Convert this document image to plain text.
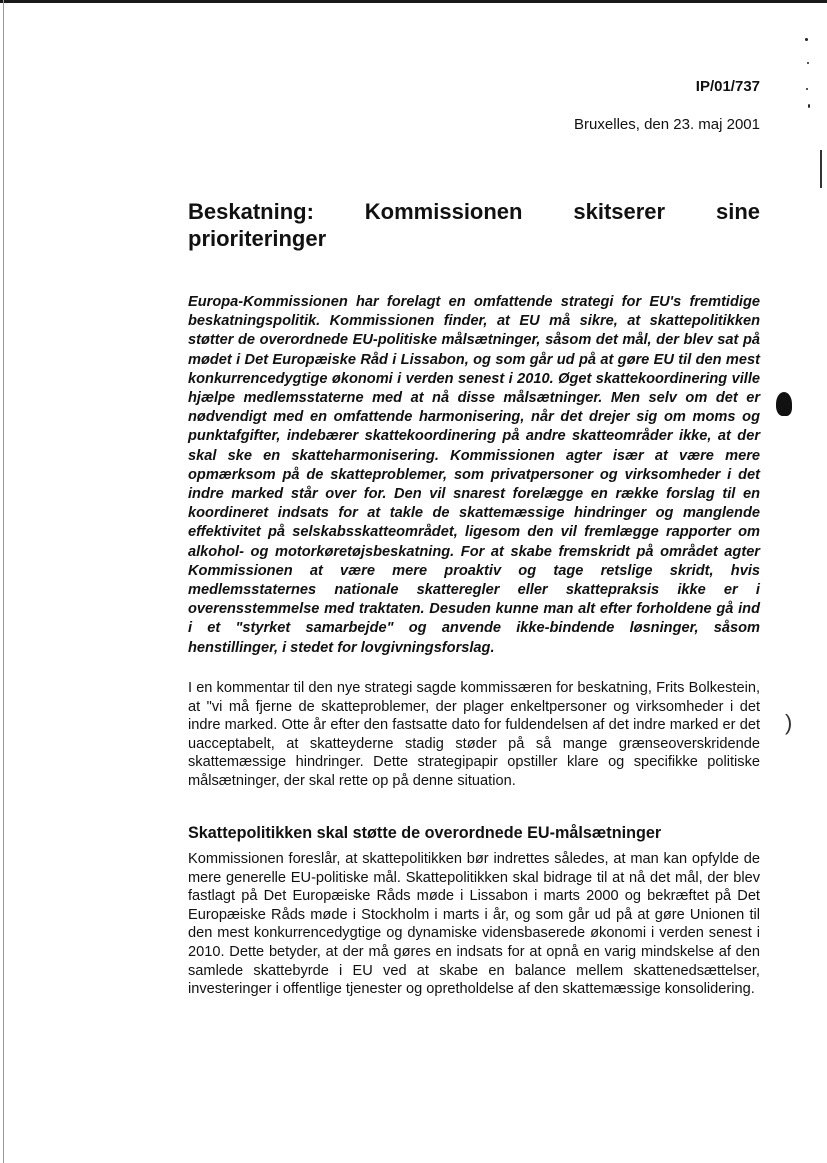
)
IP/01/737
Bruxelles, den 23. maj 2001
Beskatning: Kommissionen skitserer sine prioriteringer

Europa-Kommissionen har forelagt en omfattende strategi for EU's fremtidige beskatningspolitik. Kommissionen finder, at EU må sikre, at skattepolitikken støtter de overordnede EU-politiske målsætninger, såsom det mål, der blev sat på mødet i Det Europæiske Råd i Lissabon, og som går ud på at gøre EU til den mest konkurrencedygtige økonomi i verden senest i 2010. Øget skattekoordinering ville hjælpe medlemsstaterne med at nå disse målsætninger. Men selv om det er nødvendigt med en omfattende harmonisering, når det drejer sig om moms og punktafgifter, indebærer skattekoordinering på andre skatteområder ikke, at der skal ske en skatteharmonisering. Kommissionen agter især at være mere opmærksom på de skatteproblemer, som privatpersoner og virksomheder i det indre marked står over for. Den vil snarest forelægge en række forslag til en koordineret indsats for at takle de skattemæssige hindringer og manglende effektivitet på selskabsskatteområdet, ligesom den vil fremlægge rapporter om alkohol- og motorkøretøjsbeskatning. For at skabe fremskridt på området agter Kommissionen at være mere proaktiv og tage retslige skridt, hvis medlemsstaternes nationale skatteregler eller skattepraksis ikke er i overensstemmelse med traktaten. Desuden kunne man alt efter forholdene gå ind i et "styrket samarbejde" og anvende ikke-bindende løsninger, såsom henstillinger, i stedet for lovgivningsforslag.

I en kommentar til den nye strategi sagde kommissæren for beskatning, Frits Bolkestein, at "vi må fjerne de skatteproblemer, der plager enkeltpersoner og virksomheder i det indre marked. Otte år efter den fastsatte dato for fuldendelsen af det indre marked er det uacceptabelt, at skatteyderne stadig støder på så mange grænseoverskridende skattemæssige hindringer. Dette strategipapir opstiller klare og specifikke politiske målsætninger, der skal rette op på denne situation.

Skattepolitikken skal støtte de overordnede EU-målsætninger

Kommissionen foreslår, at skattepolitikken bør indrettes således, at man kan opfylde de mere generelle EU-politiske mål. Skattepolitikken skal bidrage til at nå det mål, der blev fastlagt på Det Europæiske Råds møde i Lissabon i marts 2000 og bekræftet på Det Europæiske Råds møde i Stockholm i marts i år, og som går ud på at gøre Unionen til den mest konkurrencedygtige og dynamiske vidensbaserede økonomi i verden senest i 2010. Dette betyder, at der må gøres en indsats for at opnå en varig mindskelse af den samlede skattebyrde i EU ved at skabe en balance mellem skattenedsættelser, investeringer i offentlige tjenester og opretholdelse af den skattemæssige konsolidering.
